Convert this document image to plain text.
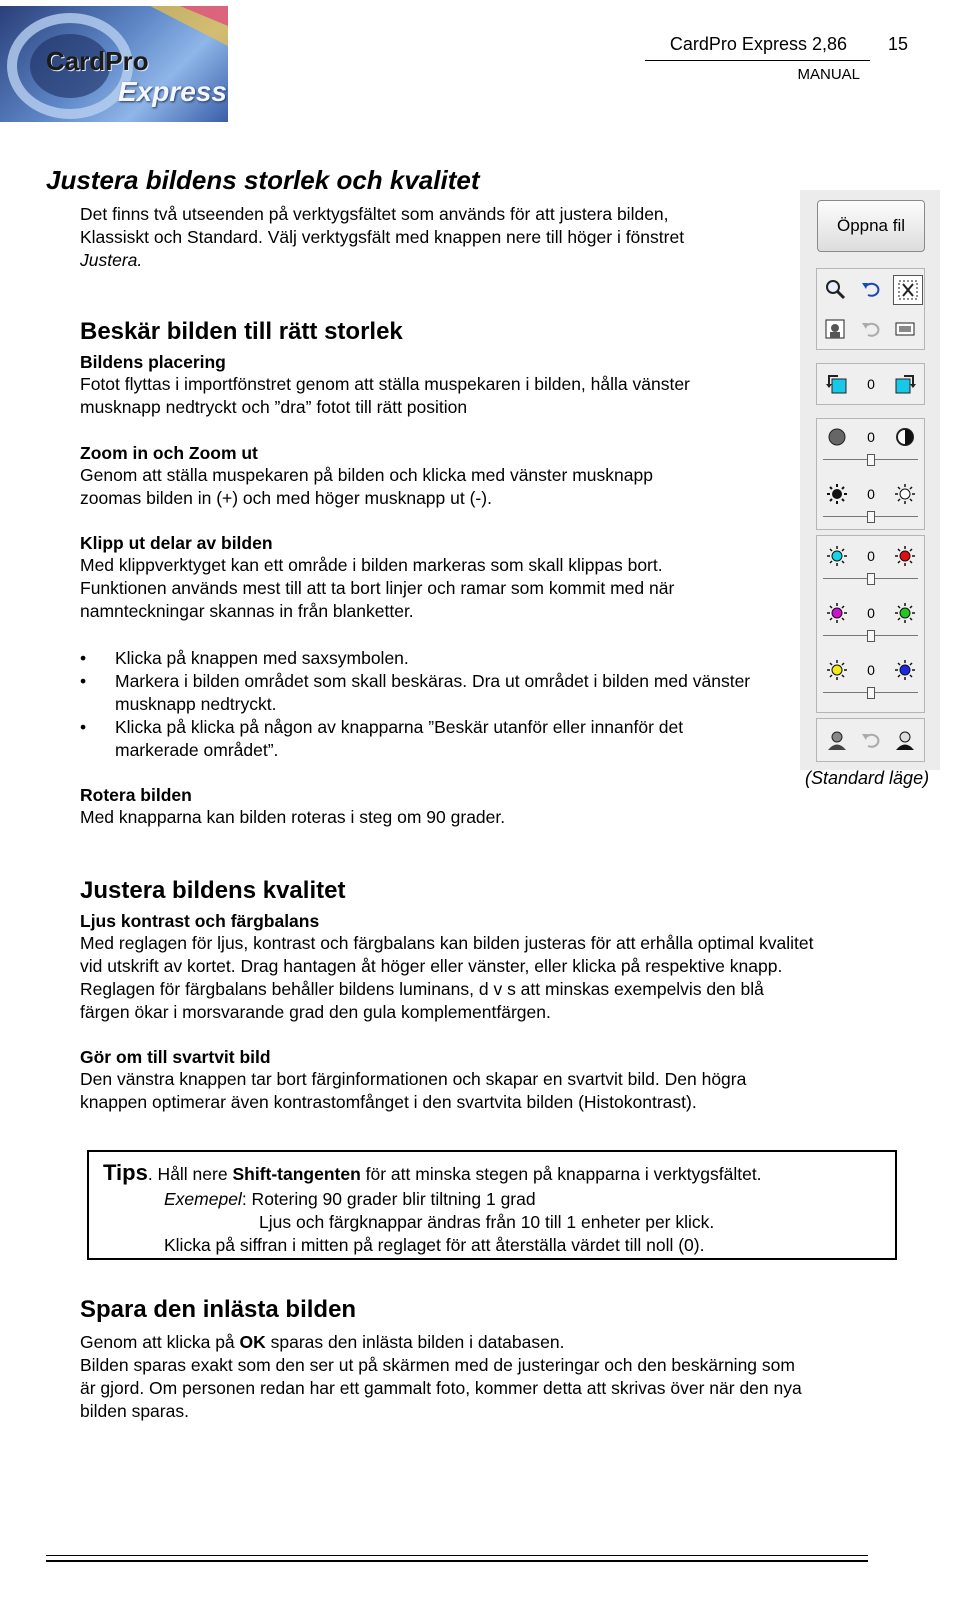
CardPro
Express
CardPro Express 2,86 15
MANUAL
Justera bildens storlek och kvalitet

Det finns två utseenden på verktygsfältet som används för att justera bilden,

Klassiskt och Standard. Välj verktygsfält med knappen nere till höger i fönstret

Justera.

Beskär bilden till rätt storlek

Bildens placering

Fotot flyttas i importfönstret genom att ställa muspekaren i bilden, hålla vänster

musknapp nedtryckt och ”dra” fotot till rätt position

Zoom in och Zoom ut

Genom att ställa muspekaren på bilden och klicka med vänster musknapp

zoomas bilden in (+) och med höger musknapp ut (-).

Klipp ut delar av bilden

Med klippverktyget kan ett område i bilden markeras som skall klippas bort.

Funktionen används mest till att ta bort linjer och ramar som kommit med när

namnteckningar skannas in från blanketter.

• Klicka på knappen med saxsymbolen.
• Markera i bilden området som skall beskäras. Dra ut området i bilden med vänster musknapp nedtryckt.
• Klicka på klicka på någon av knapparna ”Beskär utanför eller innanför det markerade området”.

Rotera bilden

Med knapparna kan bilden roteras i steg om 90 grader.

Justera bildens kvalitet

Ljus kontrast och färgbalans

Med reglagen för ljus, kontrast och färgbalans kan bilden justeras för att erhålla optimal kvalitet

vid utskrift av kortet. Drag hantagen åt höger eller vänster, eller klicka på respektive knapp.

Reglagen för färgbalans behåller bildens luminans, d v s att minskas exempelvis den blå

färgen ökar i morsvarande grad den gula komplementfärgen.

Gör om till svartvit bild

Den vänstra knappen tar bort färginformationen och skapar en svartvit bild. Den högra

knappen optimerar även kontrastomfånget i den svartvita bilden (Histokontrast).

Tips. Håll nere Shift-tangenten för att minska stegen på knapparna i verktygsfältet.
Exemepel: Rotering 90 grader blir tiltning 1 grad
Ljus och färgknappar ändras från 10 till 1 enheter per klick.
Klicka på siffran i mitten på reglaget för att återställa värdet till noll (0).
Spara den inlästa bilden

Genom att klicka på OK sparas den inlästa bilden i databasen.

Bilden sparas exakt som den ser ut på skärmen med de justeringar och den beskärning som

är gjord. Om personen redan har ett gammalt foto, kommer detta att skrivas över när den nya

bilden sparas.

Öppna fil
0
0
0
0
0
0
(Standard läge)
